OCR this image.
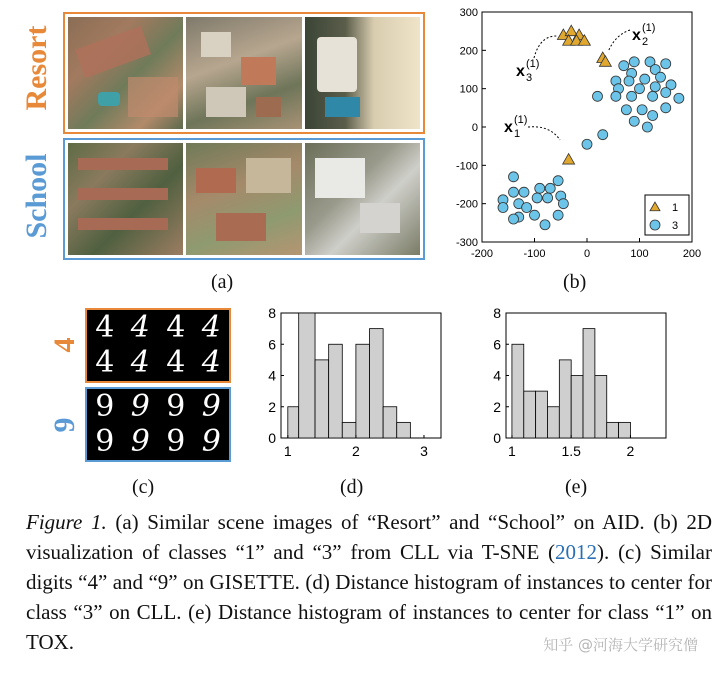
Resort
School
(a)
-200	-100	0	100	200
-300
-200
-100
0
100
200
300
x 3
(1)
x 2
(1)
x 1
(1)
1
3
(b)
4
9
4 4 4 4
4 4 4 4
9 9 9 9
9 9 9 9
(c)
0
2
4
6
8
1	2	3
(d)
0
2
4
6
8
1	1.5	2
(e)
Figure 1. (a) Similar scene images of “Resort” and “School” on AID. (b) 2D visualization of classes “1” and “3” from CLL via T-SNE (2012). (c) Similar digits “4” and “9” on GISETTE. (d) Distance histogram of instances to center for class “3” on CLL. (e) Distance histogram of instances to center for class “1” on TOX.	知乎 @河海大学研究僧
